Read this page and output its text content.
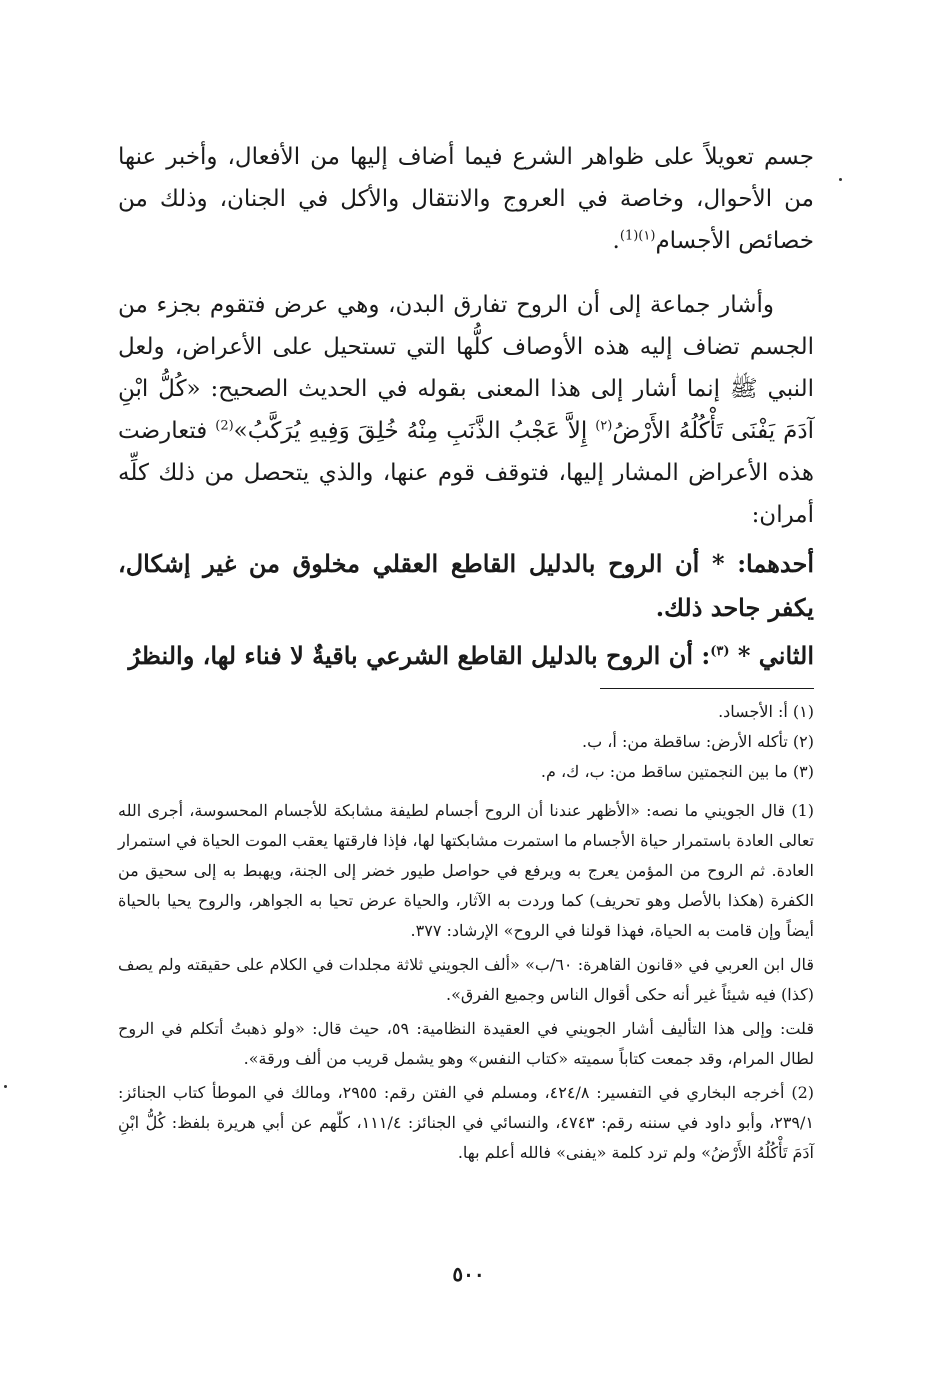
جسم تعويلاً على ظواهر الشرع فيما أضاف إليها من الأفعال، وأخبر عنها من الأحوال، وخاصة في العروج والانتقال والأكل في الجنان، وذلك من خصائص الأجسام$^{(١)(1)}$.

وأشار جماعة إلى أن الروح تفارق البدن، وهي عرض فتقوم بجزء من الجسم تضاف إليه هذه الأوصاف كلُّها التي تستحيل على الأعراض، ولعل النبي ﷺ إنما أشار إلى هذا المعنى بقوله في الحديث الصحيح: «كُلُّ ابْنِ آدَمَ يَفْنَى تَأْكُلُهُ الأَرْضُ$^{(٢)}$ إِلاَّ عَجْبُ الذَّنَبِ مِنْهُ خُلِقَ وَفِيهِ يُرَكَّبُ»$^{(2)}$ فتعارضت هذه الأعراض المشار إليها، فتوقف قوم عنها، والذي يتحصل من ذلك كلِّه أمران:

أحدهما: * أن الروح بالدليل القاطع العقلي مخلوق من غير إشكال، يكفر جاحد ذلك.

الثاني * $^{(٣)}$: أن الروح بالدليل القاطع الشرعي باقيةٌ لا فناء لها، والنظرُ

(١) أ: الأجساد.
(٢) تأكله الأرض: ساقطة من: أ، ب.
(٣) ما بين النجمتين ساقط من: ب، ك، م.

(1) قال الجويني ما نصه: «الأظهر عندنا أن الروح أجسام لطيفة مشابكة للأجسام المحسوسة، أجرى الله تعالى العادة باستمرار حياة الأجسام ما استمرت مشابكتها لها، فإذا فارقتها يعقب الموت الحياة في استمرار العادة. ثم الروح من المؤمن يعرج به ويرفع في حواصل طيور خضر إلى الجنة، ويهبط به إلى سحيق من الكفرة (هكذا بالأصل وهو تحريف) كما وردت به الآثار، والحياة عرض تحيا به الجواهر، والروح يحيا بالحياة أيضاً وإن قامت به الحياة، فهذا قولنا في الروح» الإرشاد: ٣٧٧.

قال ابن العربي في «قانون القاهرة: ٦٠/ب» «ألف الجويني ثلاثة مجلدات في الكلام على حقيقته ولم يصف (كذا) فيه شيئاً غير أنه حكى أقوال الناس وجميع الفرق».

قلت: وإلى هذا التأليف أشار الجويني في العقيدة النظامية: ٥٩، حيث قال: «ولو ذهبتُ أتكلم في الروح لطال المرام، وقد جمعت كتاباً سميته «كتاب النفس» وهو يشمل قريب من ألف ورقة».

(2) أخرجه البخاري في التفسير: ٤٢٤/٨، ومسلم في الفتن رقم: ٢٩٥٥، ومالك في الموطأ كتاب الجنائز: ٢٣٩/١، وأبو داود في سننه رقم: ٤٧٤٣، والنسائي في الجنائز: ١١١/٤، كلّهم عن أبي هريرة بلفظ: كُلُّ ابْنِ آدَمَ تَأْكُلُهُ الأَرْضُ» ولم ترد كلمة «يفنى» فالله أعلم بها.

٥٠٠
